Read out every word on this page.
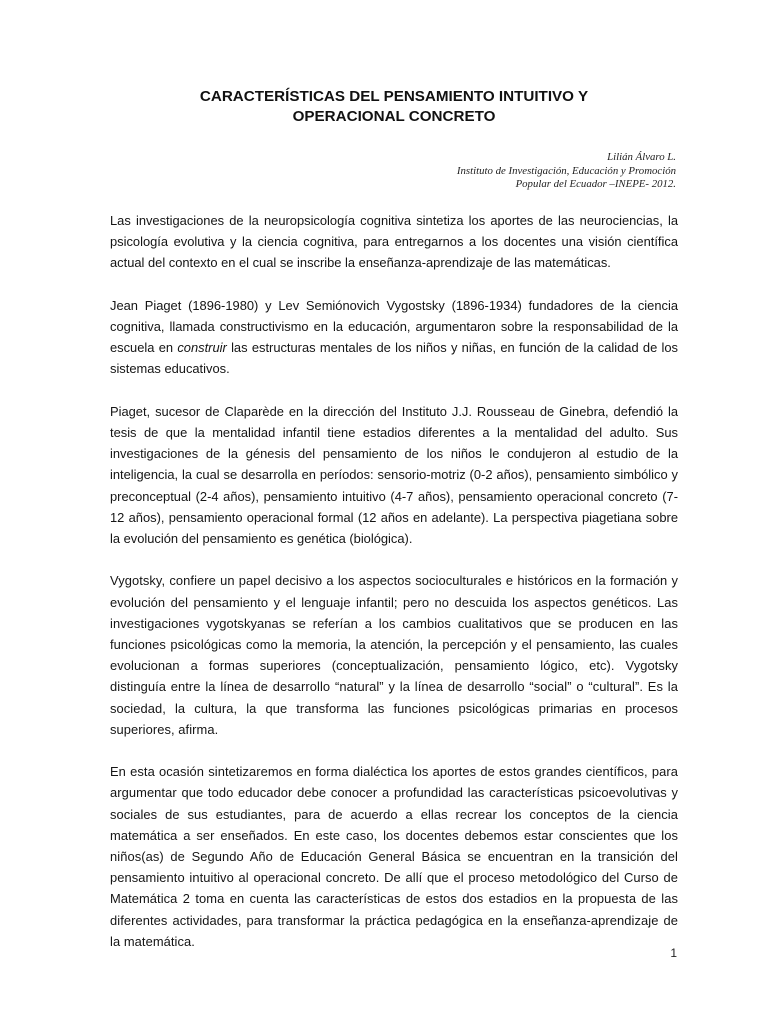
CARACTERÍSTICAS DEL PENSAMIENTO INTUITIVO Y
OPERACIONAL CONCRETO
Lilián Álvaro L.
Instituto de Investigación, Educación y Promoción
Popular del Ecuador –INEPE- 2012.

Las investigaciones de la neuropsicología cognitiva sintetiza los aportes de las neurociencias, la psicología evolutiva y la ciencia cognitiva, para entregarnos a los docentes una visión científica actual del contexto en el cual se inscribe la enseñanza-aprendizaje de las matemáticas.

Jean Piaget (1896-1980) y Lev Semiónovich Vygostsky (1896-1934) fundadores de la ciencia cognitiva, llamada constructivismo en la educación, argumentaron sobre la responsabilidad de la escuela en construir las estructuras mentales de los niños y niñas, en función de la calidad de los sistemas educativos.

Piaget, sucesor de Claparède en la dirección del Instituto J.J. Rousseau de Ginebra, defendió la tesis de que la mentalidad infantil tiene estadios diferentes a la mentalidad del adulto. Sus investigaciones de la génesis del pensamiento de los niños le condujeron al estudio de la inteligencia, la cual se desarrolla en períodos: sensorio-motriz (0-2 años), pensamiento simbólico y preconceptual (2-4 años), pensamiento intuitivo (4-7 años), pensamiento operacional concreto (7-12 años), pensamiento operacional formal (12 años en adelante). La perspectiva piagetiana sobre la evolución del pensamiento es genética (biológica).

Vygotsky, confiere un papel decisivo a los aspectos socioculturales e históricos en la formación y evolución del pensamiento y el lenguaje infantil; pero no descuida los aspectos genéticos. Las investigaciones vygotskyanas se referían a los cambios cualitativos que se producen en las funciones psicológicas como la memoria, la atención, la percepción y el pensamiento, las cuales evolucionan a formas superiores (conceptualización, pensamiento lógico, etc). Vygotsky distinguía entre la línea de desarrollo “natural” y la línea de desarrollo “social” o “cultural”. Es la sociedad, la cultura, la que transforma las funciones psicológicas primarias en procesos superiores, afirma.

En esta ocasión sintetizaremos en forma dialéctica los aportes de estos grandes científicos, para argumentar que todo educador debe conocer a profundidad las características psicoevolutivas y sociales de sus estudiantes, para de acuerdo a ellas recrear los conceptos de la ciencia matemática a ser enseñados. En este caso, los docentes debemos estar conscientes que los niños(as) de Segundo Año de Educación General Básica se encuentran en la transición del pensamiento intuitivo al operacional concreto. De allí que el proceso metodológico del Curso de Matemática 2 toma en cuenta las características de estos dos estadios en la propuesta de las diferentes actividades, para transformar la práctica pedagógica en la enseñanza-aprendizaje de la matemática.

1
